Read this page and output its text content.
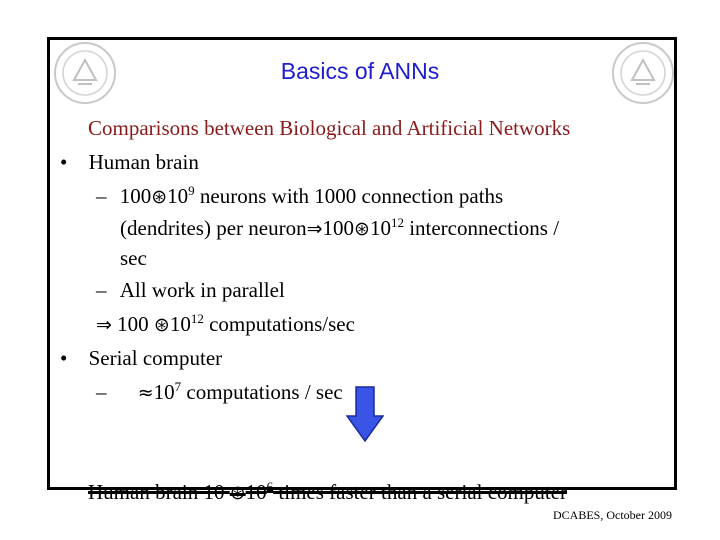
Basics of ANNs
Comparisons between Biological and Artificial Networks
• Human brain
– $100⊛10^9$ neurons with 1000 connection paths
(dendrites) per $neuron\Rightarrow 100⊛10^{12}$ interconnections /
sec
– All work in parallel
⇒ 100 $⊛10^{12}$ computations/sec
• Serial computer
– $\approx 10^7$ computations / sec
Human brain 10 $⊛10^6$ times faster than a serial computer
DCABES, October 2009
